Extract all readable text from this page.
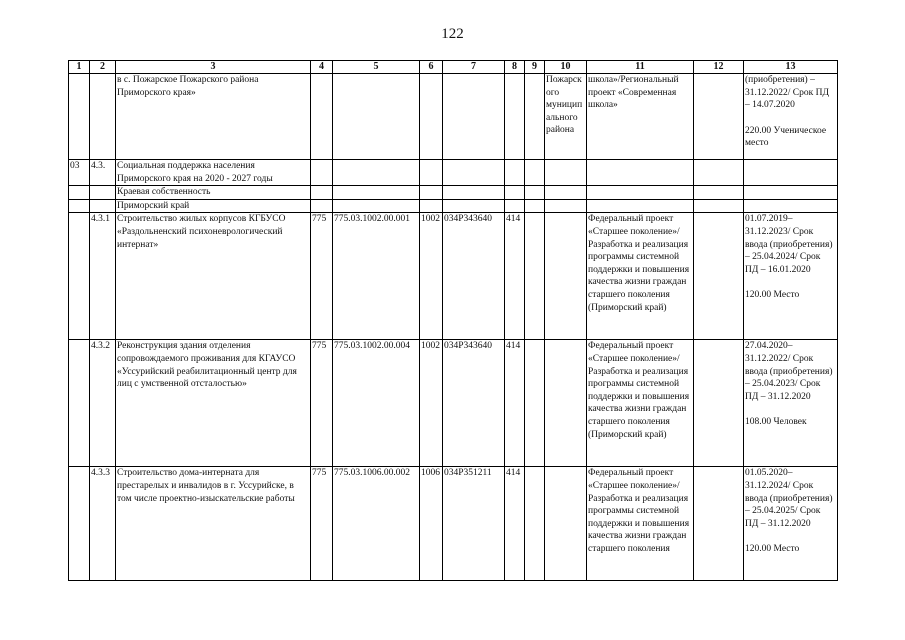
122
1	2	3	4	5	6	7	8	9	10	11	12	13
		в с. Пожарское Пожарского района Приморского края»							Пожарского муниципального района	школа»/Региональный проект «Современная школа»		(приобретения) – 31.12.2022/ Срок ПД – 14.07.2020
220.00 Ученическое место

03	4.3.	Социальная поддержка населения Приморского края на 2020 - 2027 годы										

		Краевая собственность										

		Приморский край										

	4.3.1	Строительство жилых корпусов КГБУСО «Раздольненский психоневрологический интернат»	775	775.03.1002.00.001	1002	034Р343640	414			Федеральный проект «Старшее поколение»/Разработка и реализация программы системной поддержки и повышения качества жизни граждан старшего поколения (Приморский край)		01.07.2019–31.12.2023/ Срок ввода (приобретения) – 25.04.2024/ Срок ПД – 16.01.2020
120.00 Место

	4.3.2	Реконструкция здания отделения сопровождаемого проживания для КГАУСО «Уссурийский реабилитационный центр для лиц с умственной отсталостью»	775	775.03.1002.00.004	1002	034Р343640	414			Федеральный проект «Старшее поколение»/Разработка и реализация программы системной поддержки и повышения качества жизни граждан старшего поколения (Приморский край)		27.04.2020–31.12.2022/ Срок ввода (приобретения) – 25.04.2023/ Срок ПД – 31.12.2020
108.00 Человек

	4.3.3	Строительство дома-интерната для престарелых и инвалидов в г. Уссурийске, в том числе проектно-изыскательские работы	775	775.03.1006.00.002	1006	034Р351211	414			Федеральный проект «Старшее поколение»/Разработка и реализация программы системной поддержки и повышения качества жизни граждан старшего поколения		01.05.2020–31.12.2024/ Срок ввода (приобретения) – 25.04.2025/ Срок ПД – 31.12.2020
120.00 Место
